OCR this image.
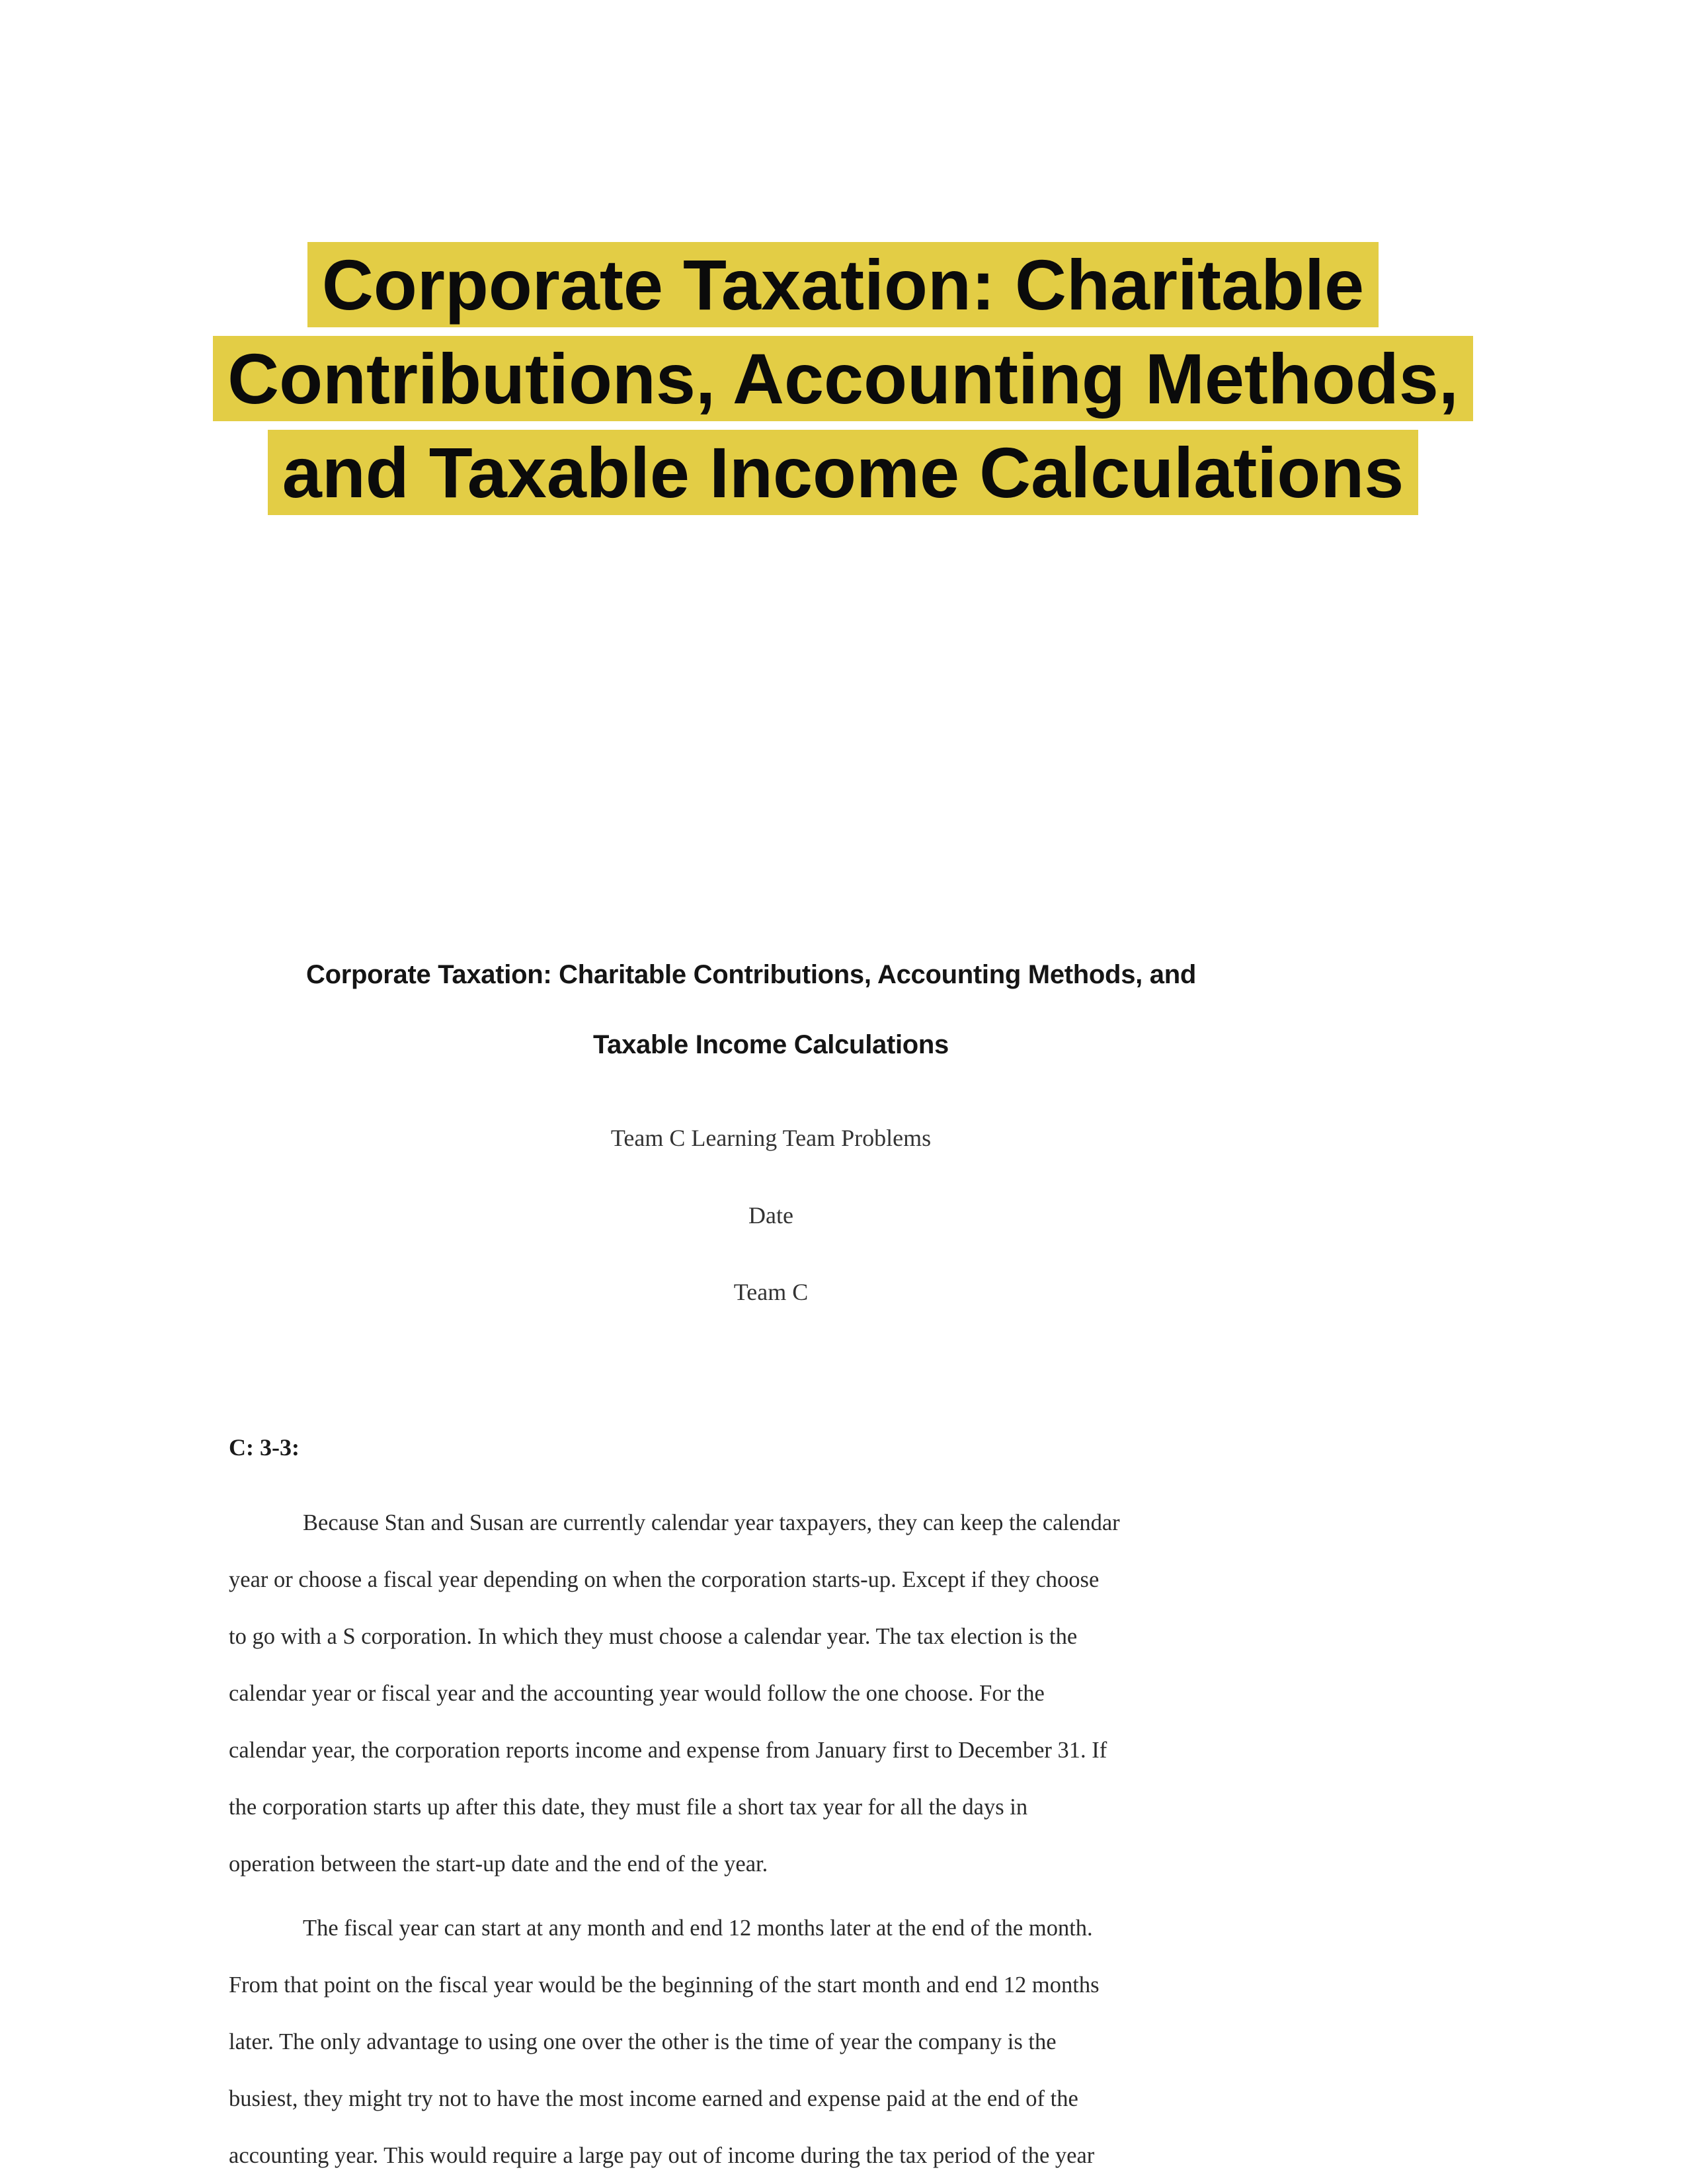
Corporate Taxation: Charitable
Contributions, Accounting Methods,
and Taxable Income Calculations
Corporate Taxation: Charitable Contributions, Accounting Methods, and
Taxable Income Calculations
Team C Learning Team Problems
Date
Team C
C: 3-3:
Because Stan and Susan are currently calendar year taxpayers, they can keep the calendar
year or choose a fiscal year depending on when the corporation starts-up. Except if they choose
to go with a S corporation. In which they must choose a calendar year. The tax election is the
calendar year or fiscal year and the accounting year would follow the one choose. For the
calendar year, the corporation reports income and expense from January first to December 31. If
the corporation starts up after this date, they must file a short tax year for all the days in
operation between the start-up date and the end of the year.
The fiscal year can start at any month and end 12 months later at the end of the month.
From that point on the fiscal year would be the beginning of the start month and end 12 months
later. The only advantage to using one over the other is the time of year the company is the
busiest, they might try not to have the most income earned and expense paid at the end of the
accounting year. This would require a large pay out of income during the tax period of the year
